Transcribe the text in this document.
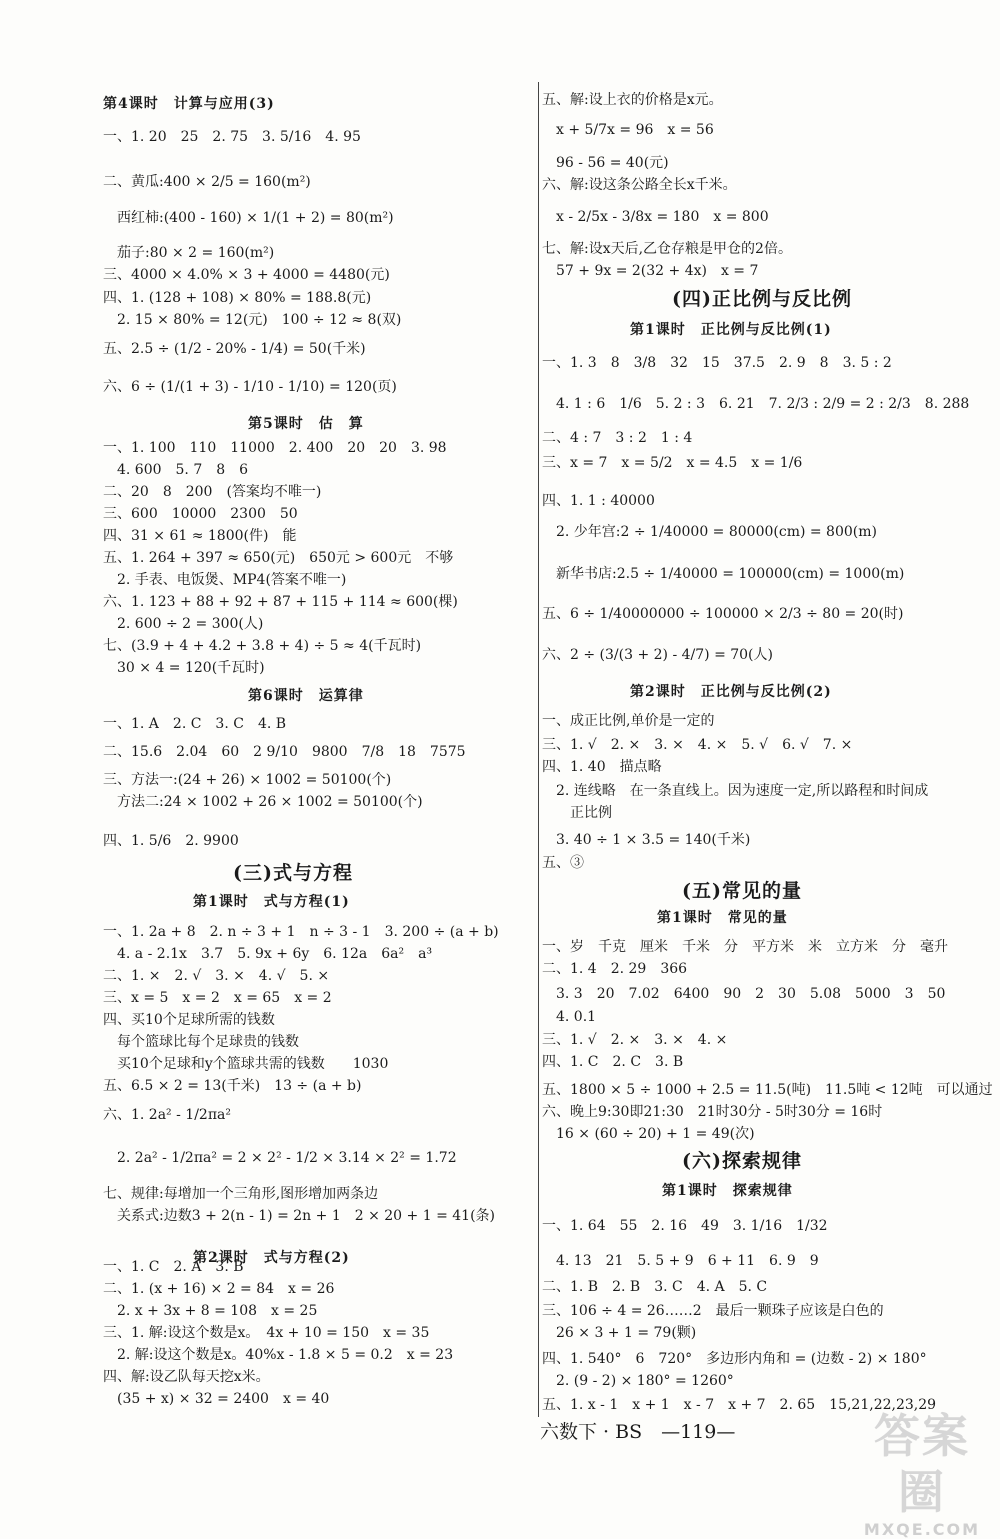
第4课时　计算与应用(3)
一、1. 20　25　2. 75　3. 5/16　4. 95
二、黄瓜:400 × 2/5 = 160(m²)
　西红柿:(400 - 160) × 1/(1 + 2) = 80(m²)
　茄子:80 × 2 = 160(m²)
三、4000 × 4.0% × 3 + 4000 = 4480(元)
四、1. (128 + 108) × 80% = 188.8(元)
　2. 15 × 80% = 12(元)　100 ÷ 12 ≈ 8(双)
五、2.5 ÷ (1/2 - 20% - 1/4) = 50(千米)
六、6 ÷ (1/(1 + 3) - 1/10 - 1/10) = 120(页)
第5课时　估　算
一、1. 100　110　11000　2. 400　20　20　3. 98
　4. 600　5. 7　8　6
二、20　8　200　(答案均不唯一)
三、600　10000　2300　50
四、31 × 61 ≈ 1800(件)　能
五、1. 264 + 397 ≈ 650(元)　650元 > 600元　不够
　2. 手表、电饭煲、MP4(答案不唯一)
六、1. 123 + 88 + 92 + 87 + 115 + 114 ≈ 600(棵)
　2. 600 ÷ 2 = 300(人)
七、(3.9 + 4 + 4.2 + 3.8 + 4) ÷ 5 ≈ 4(千瓦时)
　30 × 4 = 120(千瓦时)
第6课时　运算律
一、1. A　2. C　3. C　4. B
二、15.6　2.04　60　2 9/10　9800　7/8　18　7575
三、方法一:(24 + 26) × 1002 = 50100(个)
　方法二:24 × 1002 + 26 × 1002 = 50100(个)
四、1. 5/6　2. 9900
(三)式与方程
第1课时　式与方程(1)
一、1. 2a + 8　2. n ÷ 3 + 1　n ÷ 3 - 1　3. 200 ÷ (a + b)
　4. a - 2.1x　3.7　5. 9x + 6y　6. 12a　6a²　a³
二、1. ×　2. √　3. ×　4. √　5. ×
三、x = 5　x = 2　x = 65　x = 2
四、买10个足球所需的钱数
　每个篮球比每个足球贵的钱数
　买10个足球和y个篮球共需的钱数　　1030
五、6.5 × 2 = 13(千米)　13 ÷ (a + b)
六、1. 2a² - 1/2πa²
　2. 2a² - 1/2πa² = 2 × 2² - 1/2 × 3.14 × 2² = 1.72
七、规律:每增加一个三角形,图形增加两条边
　关系式:边数3 + 2(n - 1) = 2n + 1　2 × 20 + 1 = 41(条)
第2课时　式与方程(2)
一、1. C　2. A　3. B
二、1. (x + 16) × 2 = 84　x = 26
　2. x + 3x + 8 = 108　x = 25
三、1. 解:设这个数是x。　4x + 10 = 150　x = 35
　2. 解:设这个数是x。40%x - 1.8 × 5 = 0.2　x = 23
四、解:设乙队每天挖x米。
　(35 + x) × 32 = 2400　x = 40
五、解:设上衣的价格是x元。
　x + 5/7x = 96　x = 56
　96 - 56 = 40(元)
六、解:设这条公路全长x千米。
　x - 2/5x - 3/8x = 180　x = 800
七、解:设x天后,乙仓存粮是甲仓的2倍。
　57 + 9x = 2(32 + 4x)　x = 7
(四)正比例与反比例
第1课时　正比例与反比例(1)
一、1. 3　8　3/8　32　15　37.5　2. 9　8　3. 5 : 2
　4. 1 : 6　1/6　5. 2 : 3　6. 21　7. 2/3 : 2/9 = 2 : 2/3　8. 288
二、4 : 7　3 : 2　1 : 4
三、x = 7　x = 5/2　x = 4.5　x = 1/6
四、1. 1 : 40000
　2. 少年宫:2 ÷ 1/40000 = 80000(cm) = 800(m)
　新华书店:2.5 ÷ 1/40000 = 100000(cm) = 1000(m)
五、6 ÷ 1/40000000 ÷ 100000 × 2/3 ÷ 80 = 20(时)
六、2 ÷ (3/(3 + 2) - 4/7) = 70(人)
第2课时　正比例与反比例(2)
一、成正比例,单价是一定的
三、1. √　2. ×　3. ×　4. ×　5. √　6. √　7. ×
四、1. 40　描点略
　2. 连线略　在一条直线上。因为速度一定,所以路程和时间成
　　正比例
　3. 40 ÷ 1 × 3.5 = 140(千米)
五、③
(五)常见的量
第1课时　常见的量
一、岁　千克　厘米　千米　分　平方米　米　立方米　分　毫升
二、1. 4　2. 29　366
　3. 3　20　7.02　6400　90　2　30　5.08　5000　3　50
　4. 0.1
三、1. √　2. ×　3. ×　4. ×
四、1. C　2. C　3. B
五、1800 × 5 ÷ 1000 + 2.5 = 11.5(吨)　11.5吨 < 12吨　可以通过
六、晚上9:30即21:30　21时30分 - 5时30分 = 16时
　16 × (60 ÷ 20) + 1 = 49(次)
(六)探索规律
第1课时　探索规律
一、1. 64　55　2. 16　49　3. 1/16　1/32
　4. 13　21　5. 5 + 9　6 + 11　6. 9　9
二、1. B　2. B　3. C　4. A　5. C
三、106 ÷ 4 = 26……2　最后一颗珠子应该是白色的
　26 × 3 + 1 = 79(颗)
四、1. 540°　6　720°　多边形内角和 = (边数 - 2) × 180°
　2. (9 - 2) × 180° = 1260°
五、1. x - 1　x + 1　x - 7　x + 7　2. 65　15,21,22,23,29
六数下 · BS　—119—	答案圈
MXQE.COM
